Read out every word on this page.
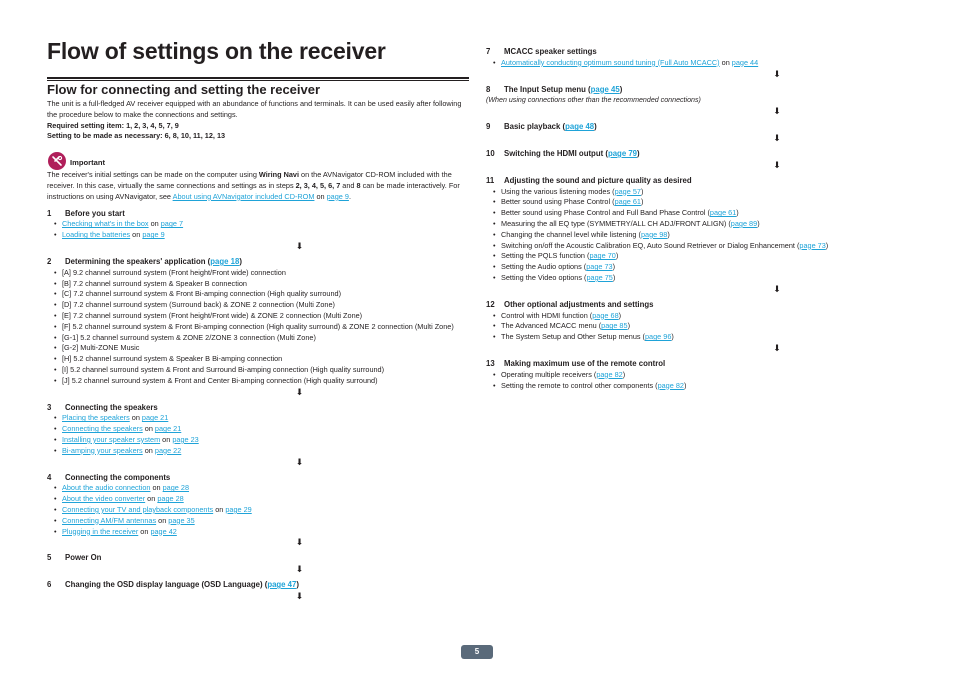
Flow of settings on the receiver
Flow for connecting and setting the receiver

The unit is a full-fledged AV receiver equipped with an abundance of functions and terminals. It can be used easily after following the procedure below to make the connections and settings.

Required setting item: 1, 2, 3, 4, 5, 7, 9

Setting to be made as necessary: 6, 8, 10, 11, 12, 13

Important

The receiver's initial settings can be made on the computer using Wiring Navi on the AVNavigator CD-ROM included with the receiver. In this case, virtually the same connections and settings as in steps 2, 3, 4, 5, 6, 7 and 8 can be made interactively. For instructions on using AVNavigator, see About using AVNavigator included CD-ROM on page 9.

1 Before you start
• Checking what's in the box on page 7
• Loading the batteries on page 9
⬇
2 Determining the speakers' application (page 18)
• [A] 9.2 channel surround system (Front height/Front wide) connection
• [B] 7.2 channel surround system & Speaker B connection
• [C] 7.2 channel surround system & Front Bi-amping connection (High quality surround)
• [D] 7.2 channel surround system (Surround back) & ZONE 2 connection (Multi Zone)
• [E] 7.2 channel surround system (Front height/Front wide) & ZONE 2 connection (Multi Zone)
• [F] 5.2 channel surround system & Front Bi-amping connection (High quality surround) & ZONE 2 connection (Multi Zone)
• [G-1] 5.2 channel surround system & ZONE 2/ZONE 3 connection (Multi Zone)
• [G-2] Multi-ZONE Music
• [H] 5.2 channel surround system & Speaker B Bi-amping connection
• [I] 5.2 channel surround system & Front and Surround Bi-amping connection (High quality surround)
• [J] 5.2 channel surround system & Front and Center Bi-amping connection (High quality surround)
⬇
3 Connecting the speakers
• Placing the speakers on page 21
• Connecting the speakers on page 21
• Installing your speaker system on page 23
• Bi-amping your speakers on page 22
⬇
4 Connecting the components
• About the audio connection on page 28
• About the video converter on page 28
• Connecting your TV and playback components on page 29
• Connecting AM/FM antennas on page 35
• Plugging in the receiver on page 42
⬇
5 Power On
⬇
6 Changing the OSD display language (OSD Language) (page 47)
⬇
7 MCACC speaker settings
• Automatically conducting optimum sound tuning (Full Auto MCACC) on page 44
⬇
8 The Input Setup menu (page 45)

(When using connections other than the recommended connections)

⬇
9 Basic playback (page 48)
⬇
10 Switching the HDMI output (page 79)
⬇
11 Adjusting the sound and picture quality as desired
• Using the various listening modes (page 57)
• Better sound using Phase Control (page 61)
• Better sound using Phase Control and Full Band Phase Control (page 61)
• Measuring the all EQ type (SYMMETRY/ALL CH ADJ/FRONT ALIGN) (page 89)
• Changing the channel level while listening (page 98)
• Switching on/off the Acoustic Calibration EQ, Auto Sound Retriever or Dialog Enhancement (page 73)
• Setting the PQLS function (page 70)
• Setting the Audio options (page 73)
• Setting the Video options (page 75)
⬇
12 Other optional adjustments and settings
• Control with HDMI function (page 68)
• The Advanced MCACC menu (page 85)
• The System Setup and Other Setup menus (page 96)
⬇
13 Making maximum use of the remote control
• Operating multiple receivers (page 82)
• Setting the remote to control other components (page 82)
5
